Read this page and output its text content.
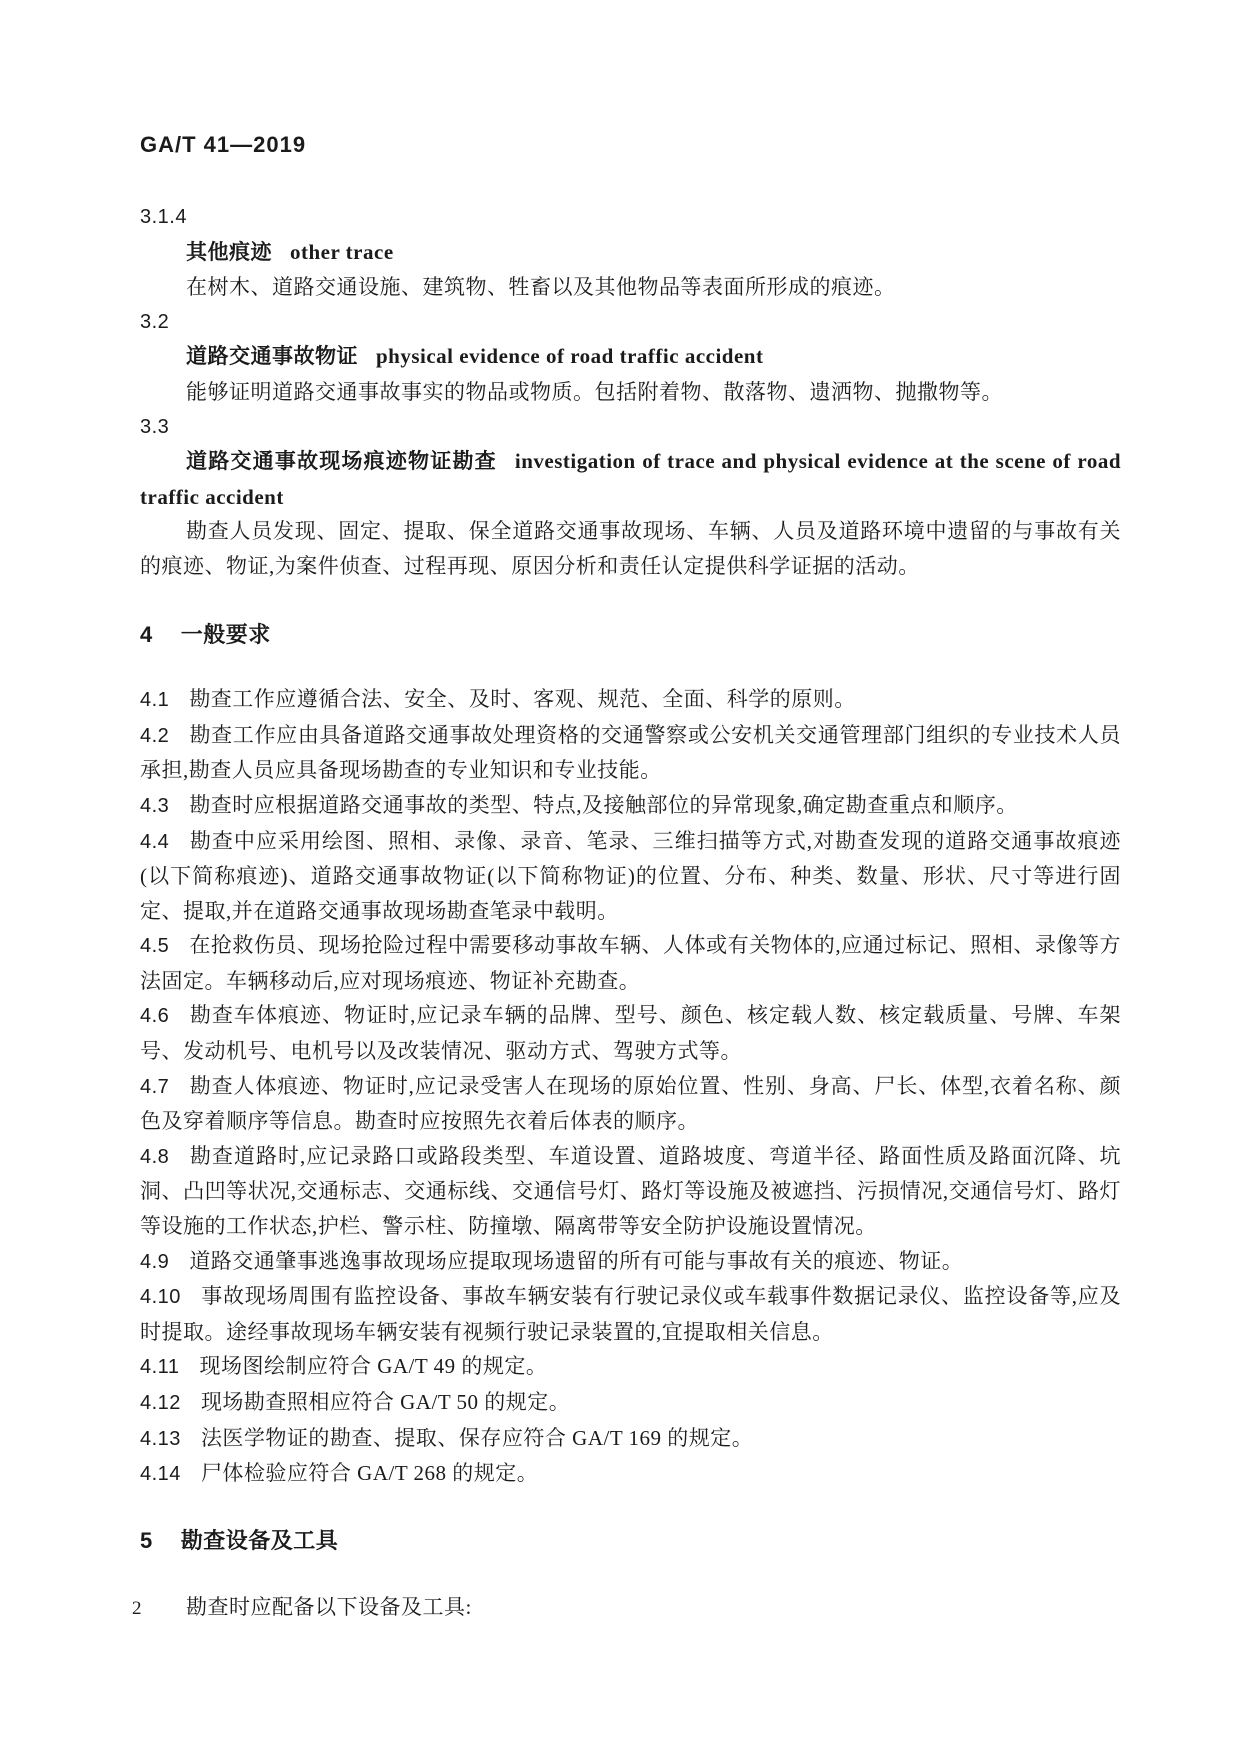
GA/T 41—2019

3.1.4

其他痕迹 other trace

在树木、道路交通设施、建筑物、牲畜以及其他物品等表面所形成的痕迹。

3.2

道路交通事故物证 physical evidence of road traffic accident

能够证明道路交通事故事实的物品或物质。包括附着物、散落物、遗洒物、抛撒物等。

3.3

道路交通事故现场痕迹物证勘查 investigation of trace and physical evidence at the scene of road traffic accident

勘查人员发现、固定、提取、保全道路交通事故现场、车辆、人员及道路环境中遗留的与事故有关的痕迹、物证,为案件侦查、过程再现、原因分析和责任认定提供科学证据的活动。

4 一般要求

4.1 勘查工作应遵循合法、安全、及时、客观、规范、全面、科学的原则。

4.2 勘查工作应由具备道路交通事故处理资格的交通警察或公安机关交通管理部门组织的专业技术人员承担,勘查人员应具备现场勘查的专业知识和专业技能。

4.3 勘查时应根据道路交通事故的类型、特点,及接触部位的异常现象,确定勘查重点和顺序。

4.4 勘查中应采用绘图、照相、录像、录音、笔录、三维扫描等方式,对勘查发现的道路交通事故痕迹(以下简称痕迹)、道路交通事故物证(以下简称物证)的位置、分布、种类、数量、形状、尺寸等进行固定、提取,并在道路交通事故现场勘查笔录中载明。

4.5 在抢救伤员、现场抢险过程中需要移动事故车辆、人体或有关物体的,应通过标记、照相、录像等方法固定。车辆移动后,应对现场痕迹、物证补充勘查。

4.6 勘查车体痕迹、物证时,应记录车辆的品牌、型号、颜色、核定载人数、核定载质量、号牌、车架号、发动机号、电机号以及改装情况、驱动方式、驾驶方式等。

4.7 勘查人体痕迹、物证时,应记录受害人在现场的原始位置、性别、身高、尸长、体型,衣着名称、颜色及穿着顺序等信息。勘查时应按照先衣着后体表的顺序。

4.8 勘查道路时,应记录路口或路段类型、车道设置、道路坡度、弯道半径、路面性质及路面沉降、坑洞、凸凹等状况,交通标志、交通标线、交通信号灯、路灯等设施及被遮挡、污损情况,交通信号灯、路灯等设施的工作状态,护栏、警示柱、防撞墩、隔离带等安全防护设施设置情况。

4.9 道路交通肇事逃逸事故现场应提取现场遗留的所有可能与事故有关的痕迹、物证。

4.10 事故现场周围有监控设备、事故车辆安装有行驶记录仪或车载事件数据记录仪、监控设备等,应及时提取。途经事故现场车辆安装有视频行驶记录装置的,宜提取相关信息。

4.11 现场图绘制应符合 GA/T 49 的规定。

4.12 现场勘查照相应符合 GA/T 50 的规定。

4.13 法医学物证的勘查、提取、保存应符合 GA/T 169 的规定。

4.14 尸体检验应符合 GA/T 268 的规定。

5 勘查设备及工具

勘查时应配备以下设备及工具:

2
